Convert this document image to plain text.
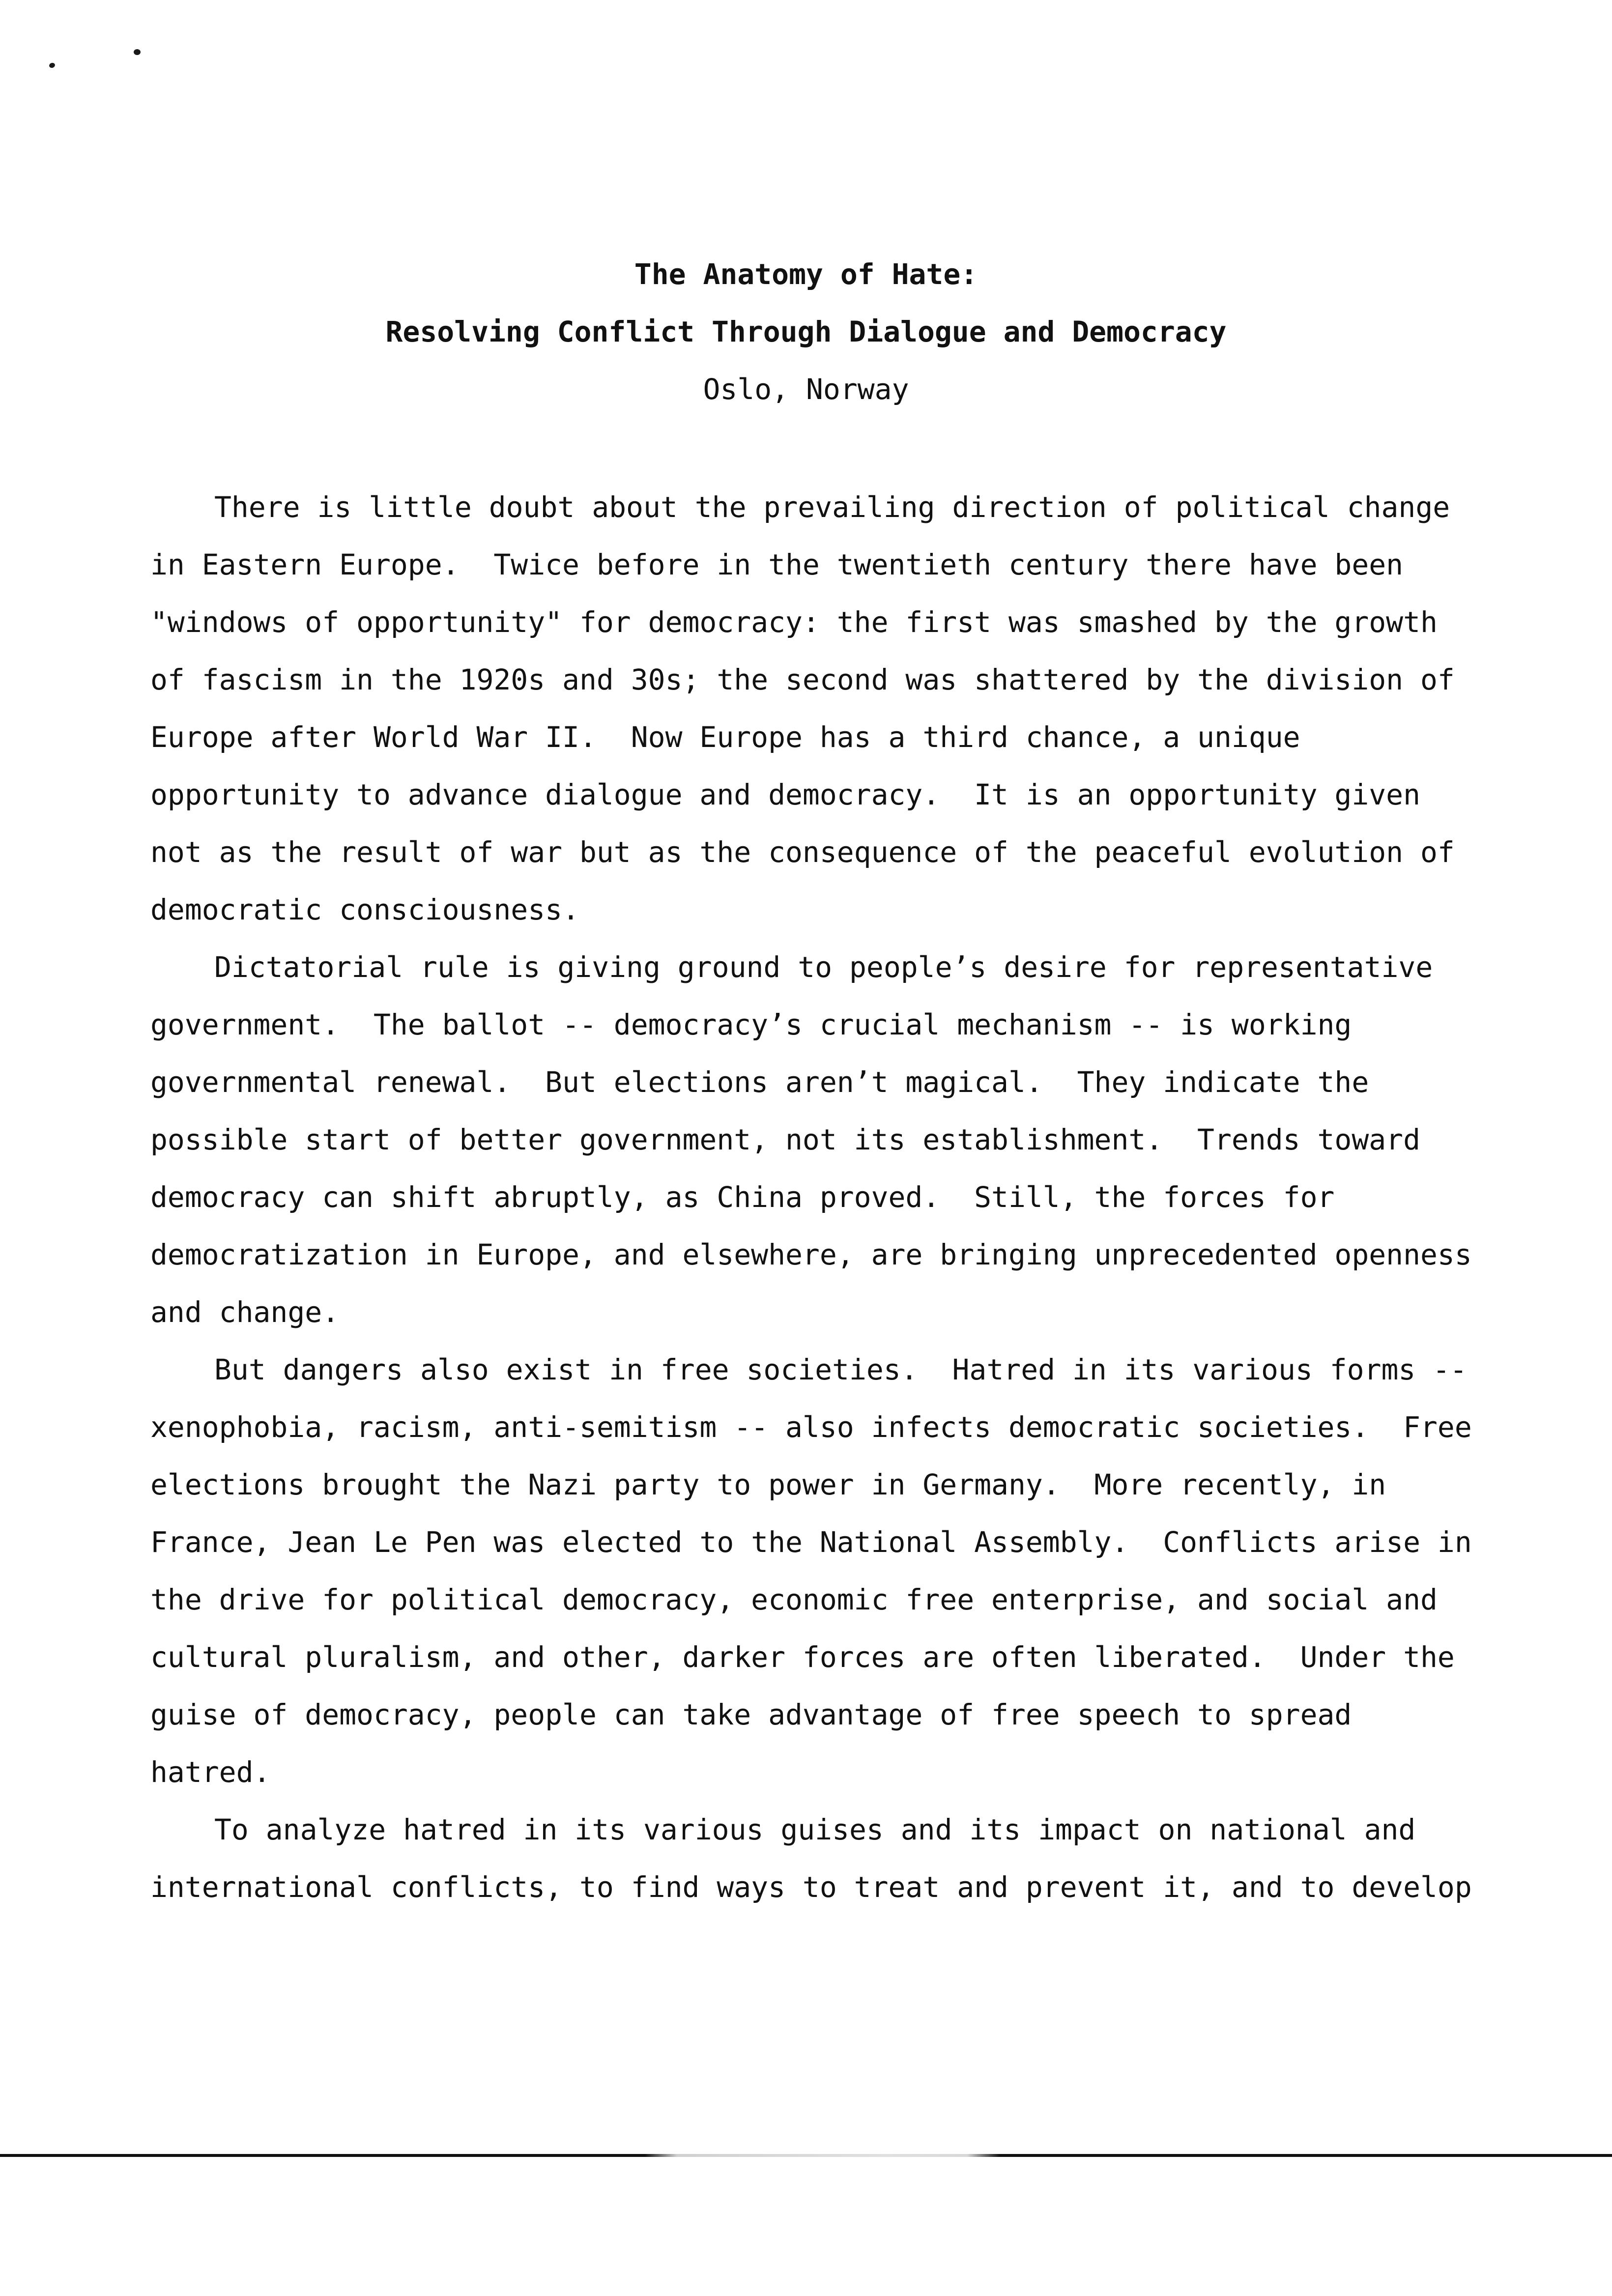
The Anatomy of Hate:
Resolving Conflict Through Dialogue and Democracy
Oslo, Norway
There is little doubt about the prevailing direction of political change
in Eastern Europe.  Twice before in the twentieth century there have been
"windows of opportunity" for democracy: the first was smashed by the growth
of fascism in the 1920s and 30s; the second was shattered by the division of
Europe after World War II.  Now Europe has a third chance, a unique
opportunity to advance dialogue and democracy.  It is an opportunity given
not as the result of war but as the consequence of the peaceful evolution of
democratic consciousness.
Dictatorial rule is giving ground to people’s desire for representative
government.  The ballot -- democracy’s crucial mechanism -- is working
governmental renewal.  But elections aren’t magical.  They indicate the
possible start of better government, not its establishment.  Trends toward
democracy can shift abruptly, as China proved.  Still, the forces for
democratization in Europe, and elsewhere, are bringing unprecedented openness
and change.
But dangers also exist in free societies.  Hatred in its various forms --
xenophobia, racism, anti-semitism -- also infects democratic societies.  Free
elections brought the Nazi party to power in Germany.  More recently, in
France, Jean Le Pen was elected to the National Assembly.  Conflicts arise in
the drive for political democracy, economic free enterprise, and social and
cultural pluralism, and other, darker forces are often liberated.  Under the
guise of democracy, people can take advantage of free speech to spread
hatred.
To analyze hatred in its various guises and its impact on national and
international conflicts, to find ways to treat and prevent it, and to develop
